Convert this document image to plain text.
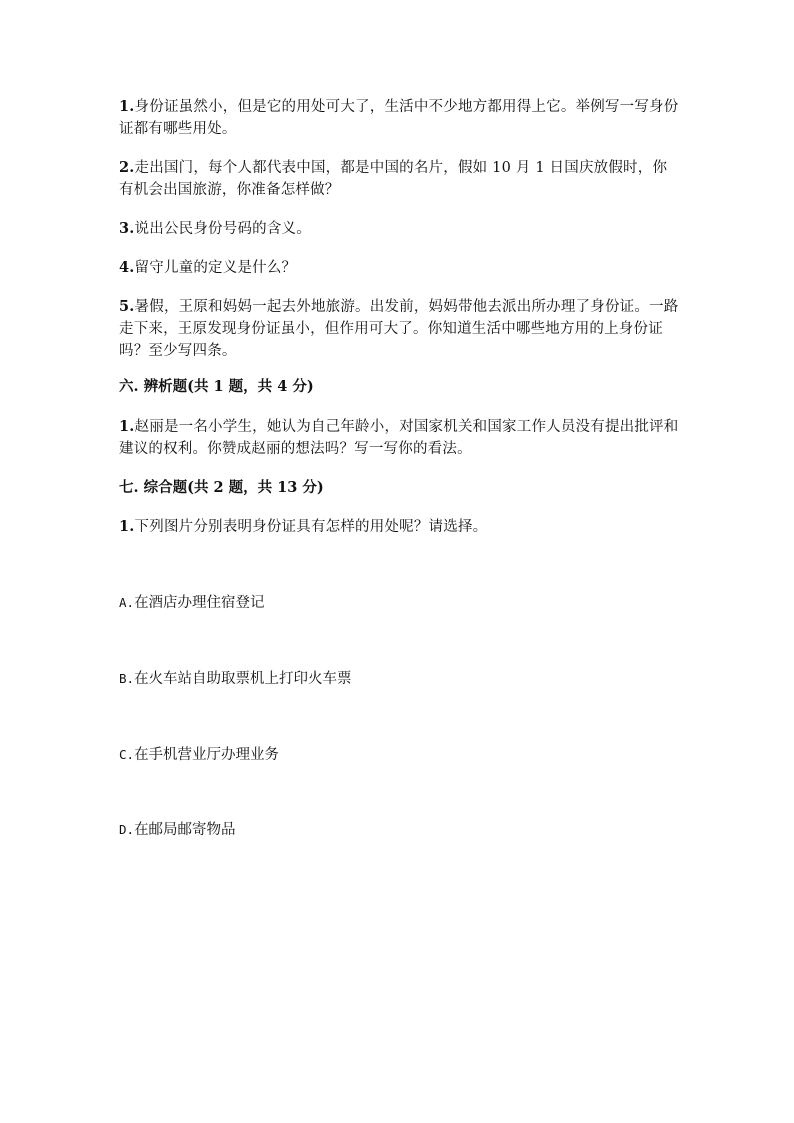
1.身份证虽然小，但是它的用处可大了，生活中不少地方都用得上它。举例写一写身份证都有哪些用处。

2.走出国门，每个人都代表中国，都是中国的名片，假如 10 月 1 日国庆放假时，你有机会出国旅游，你准备怎样做？

3.说出公民身份号码的含义。

4.留守儿童的定义是什么？

5.暑假，王原和妈妈一起去外地旅游。出发前，妈妈带他去派出所办理了身份证。一路走下来，王原发现身份证虽小，但作用可大了。你知道生活中哪些地方用的上身份证吗？至少写四条。

六. 辨析题(共 1 题，共 4 分)

1.赵丽是一名小学生，她认为自己年龄小，对国家机关和国家工作人员没有提出批评和建议的权利。你赞成赵丽的想法吗？写一写你的看法。

七. 综合题(共 2 题，共 13 分)

1.下列图片分别表明身份证具有怎样的用处呢？请选择。

A.在酒店办理住宿登记

B.在火车站自助取票机上打印火车票

C.在手机营业厅办理业务

D.在邮局邮寄物品
